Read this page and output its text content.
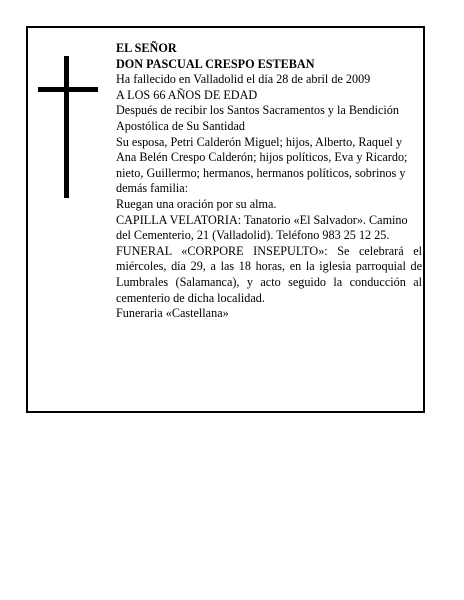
EL SEÑOR

DON PASCUAL CRESPO ESTEBAN

Ha fallecido en Valladolid el día 28 de abril de 2009

A LOS 66 AÑOS DE EDAD

Después de recibir los Santos Sacramentos y la Bendición Apostólica de Su Santidad

Su esposa, Petri Calderón Miguel; hijos, Alberto, Raquel y Ana Belén Crespo Calderón; hijos políticos, Eva y Ricardo; nieto, Guillermo; hermanos, hermanos políticos, sobrinos y demás familia:

Ruegan una oración por su alma.

CAPILLA VELATORIA: Tanatorio «El Salvador». Camino del Cementerio, 21 (Valladolid). Teléfono 983 25 12 25.

FUNERAL «CORPORE INSEPULTO»: Se celebrará el miércoles, día 29, a las 18 horas, en la iglesia parroquial de Lumbrales (Salamanca), y acto seguido la conducción al cementerio de dicha localidad.

Funeraria «Castellana»
